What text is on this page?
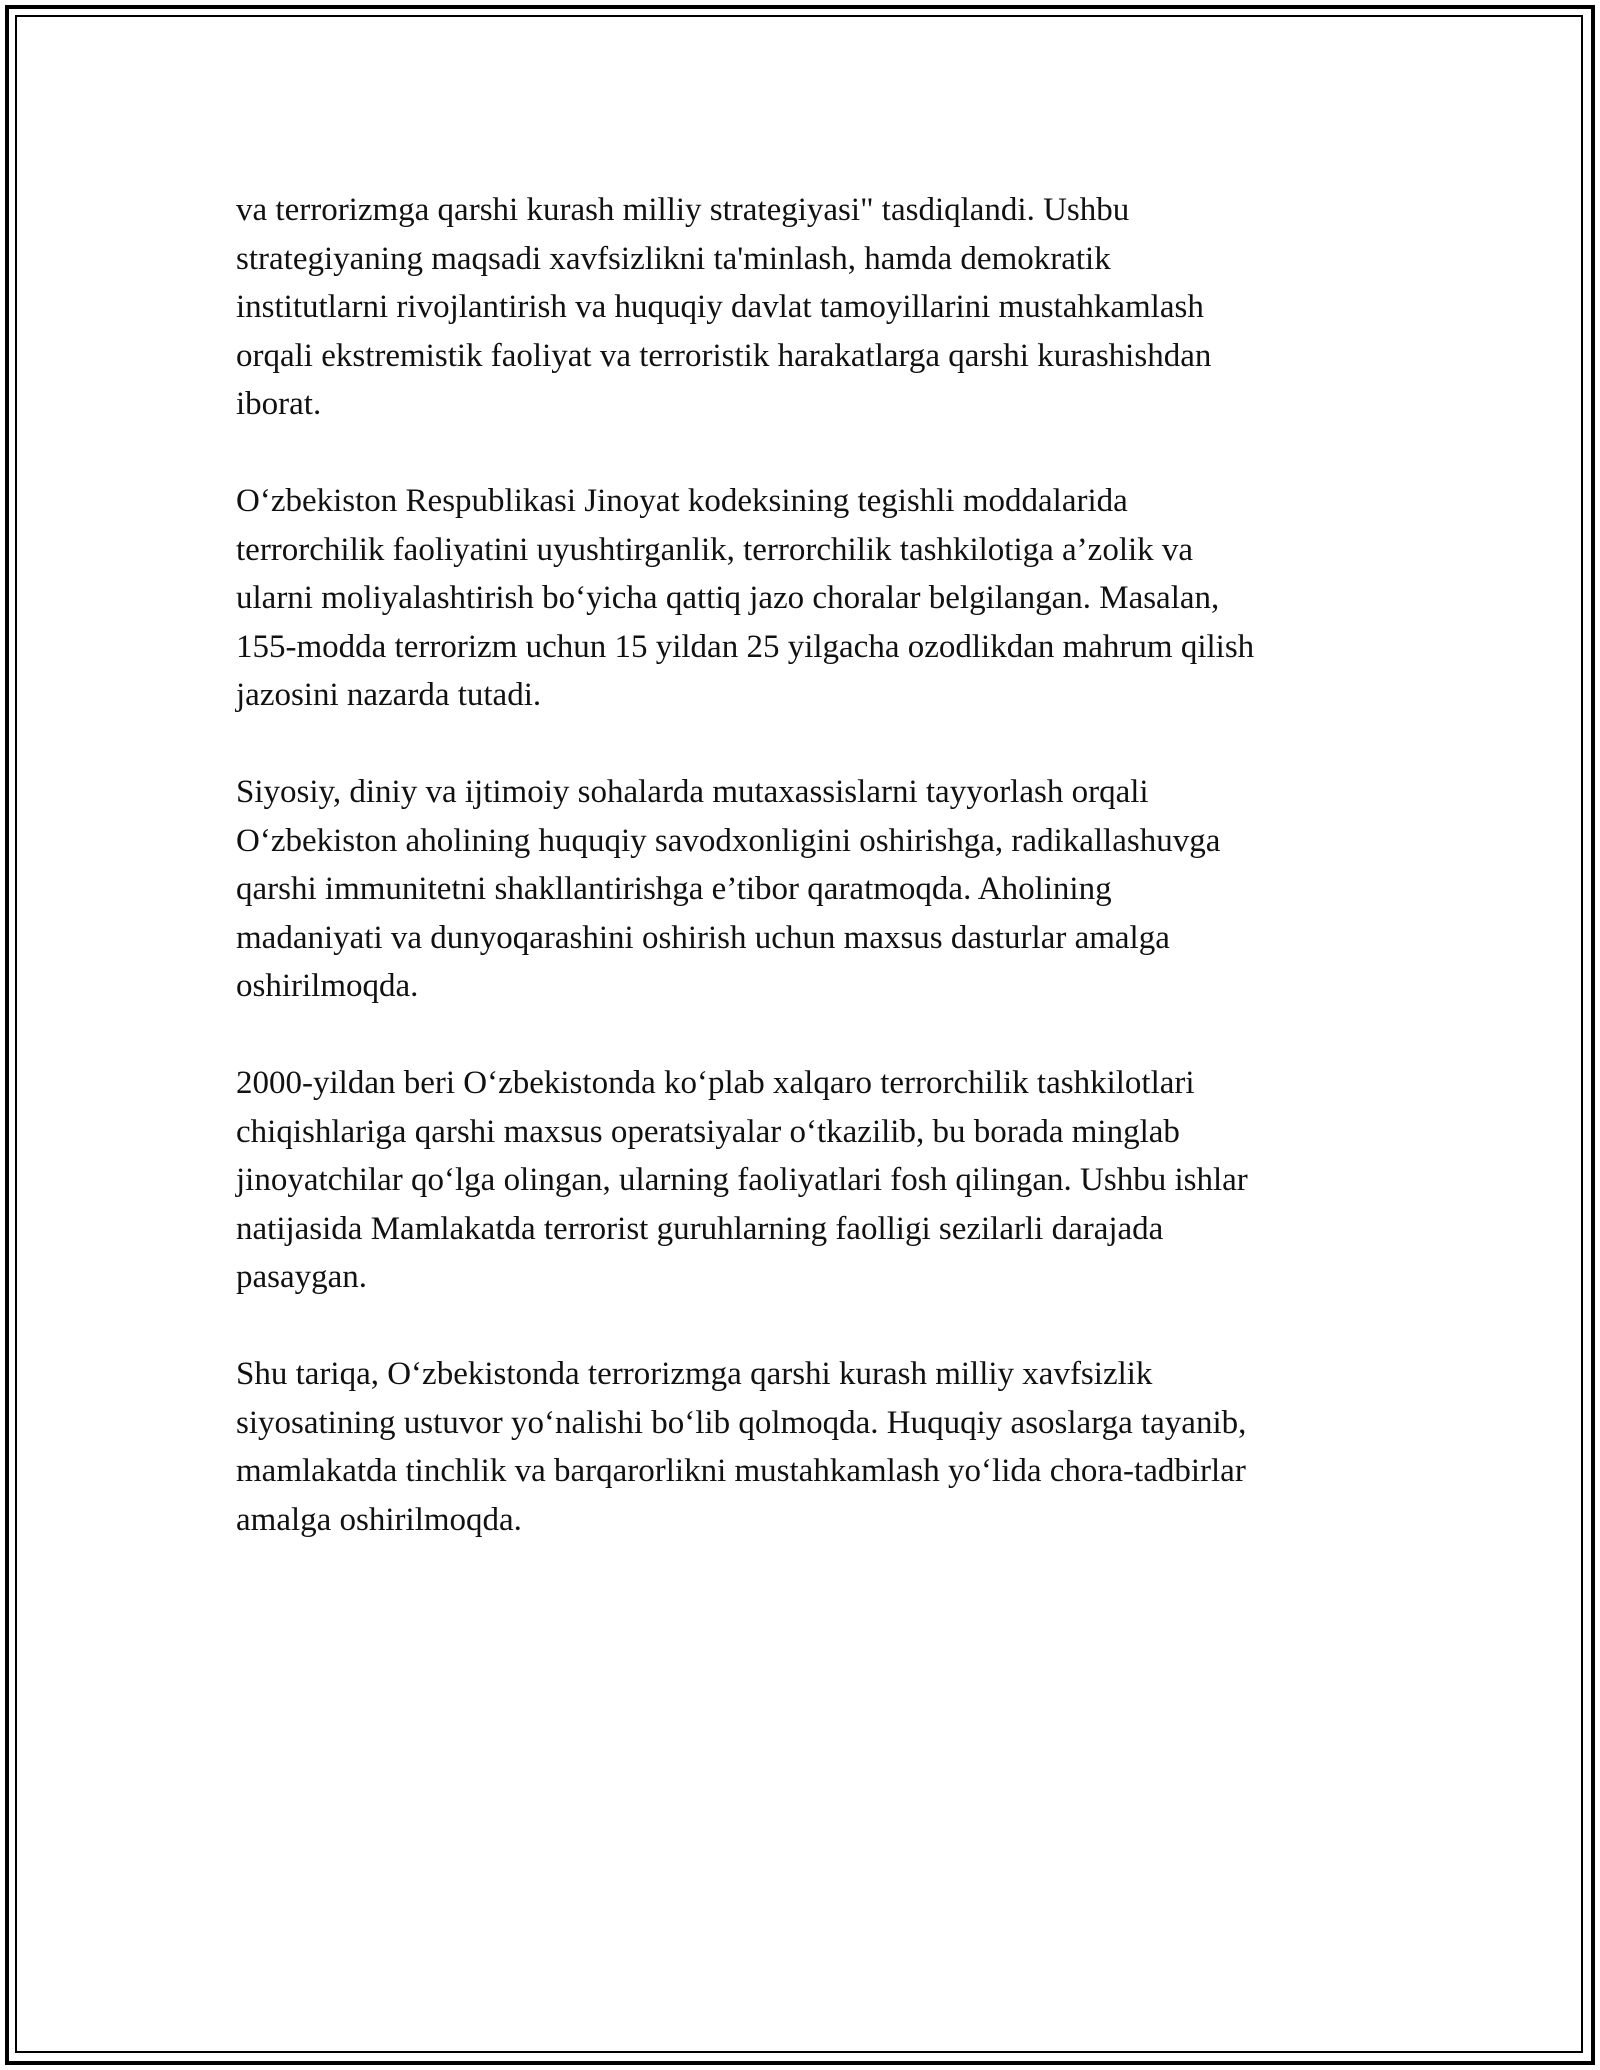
va terrorizmga qarshi kurash milliy strategiyasi" tasdiqlandi. Ushbu
strategiyaning maqsadi xavfsizlikni ta'minlash, hamda demokratik
institutlarni rivojlantirish va huquqiy davlat tamoyillarini mustahkamlash
orqali ekstremistik faoliyat va terroristik harakatlarga qarshi kurashishdan
iborat.

O‘zbekiston Respublikasi Jinoyat kodeksining tegishli moddalarida
terrorchilik faoliyatini uyushtirganlik, terrorchilik tashkilotiga a’zolik va
ularni moliyalashtirish bo‘yicha qattiq jazo choralar belgilangan. Masalan,
155-modda terrorizm uchun 15 yildan 25 yilgacha ozodlikdan mahrum qilish
jazosini nazarda tutadi.

Siyosiy, diniy va ijtimoiy sohalarda mutaxassislarni tayyorlash orqali
O‘zbekiston aholining huquqiy savodxonligini oshirishga, radikallashuvga
qarshi immunitetni shakllantirishga e’tibor qaratmoqda. Aholining
madaniyati va dunyoqarashini oshirish uchun maxsus dasturlar amalga
oshirilmoqda.

2000-yildan beri O‘zbekistonda ko‘plab xalqaro terrorchilik tashkilotlari
chiqishlariga qarshi maxsus operatsiyalar o‘tkazilib, bu borada minglab
jinoyatchilar qo‘lga olingan, ularning faoliyatlari fosh qilingan. Ushbu ishlar
natijasida Mamlakatda terrorist guruhlarning faolligi sezilarli darajada
pasaygan.

Shu tariqa, O‘zbekistonda terrorizmga qarshi kurash milliy xavfsizlik
siyosatining ustuvor yo‘nalishi bo‘lib qolmoqda. Huquqiy asoslarga tayanib,
mamlakatda tinchlik va barqarorlikni mustahkamlash yo‘lida chora-tadbirlar
amalga oshirilmoqda.
